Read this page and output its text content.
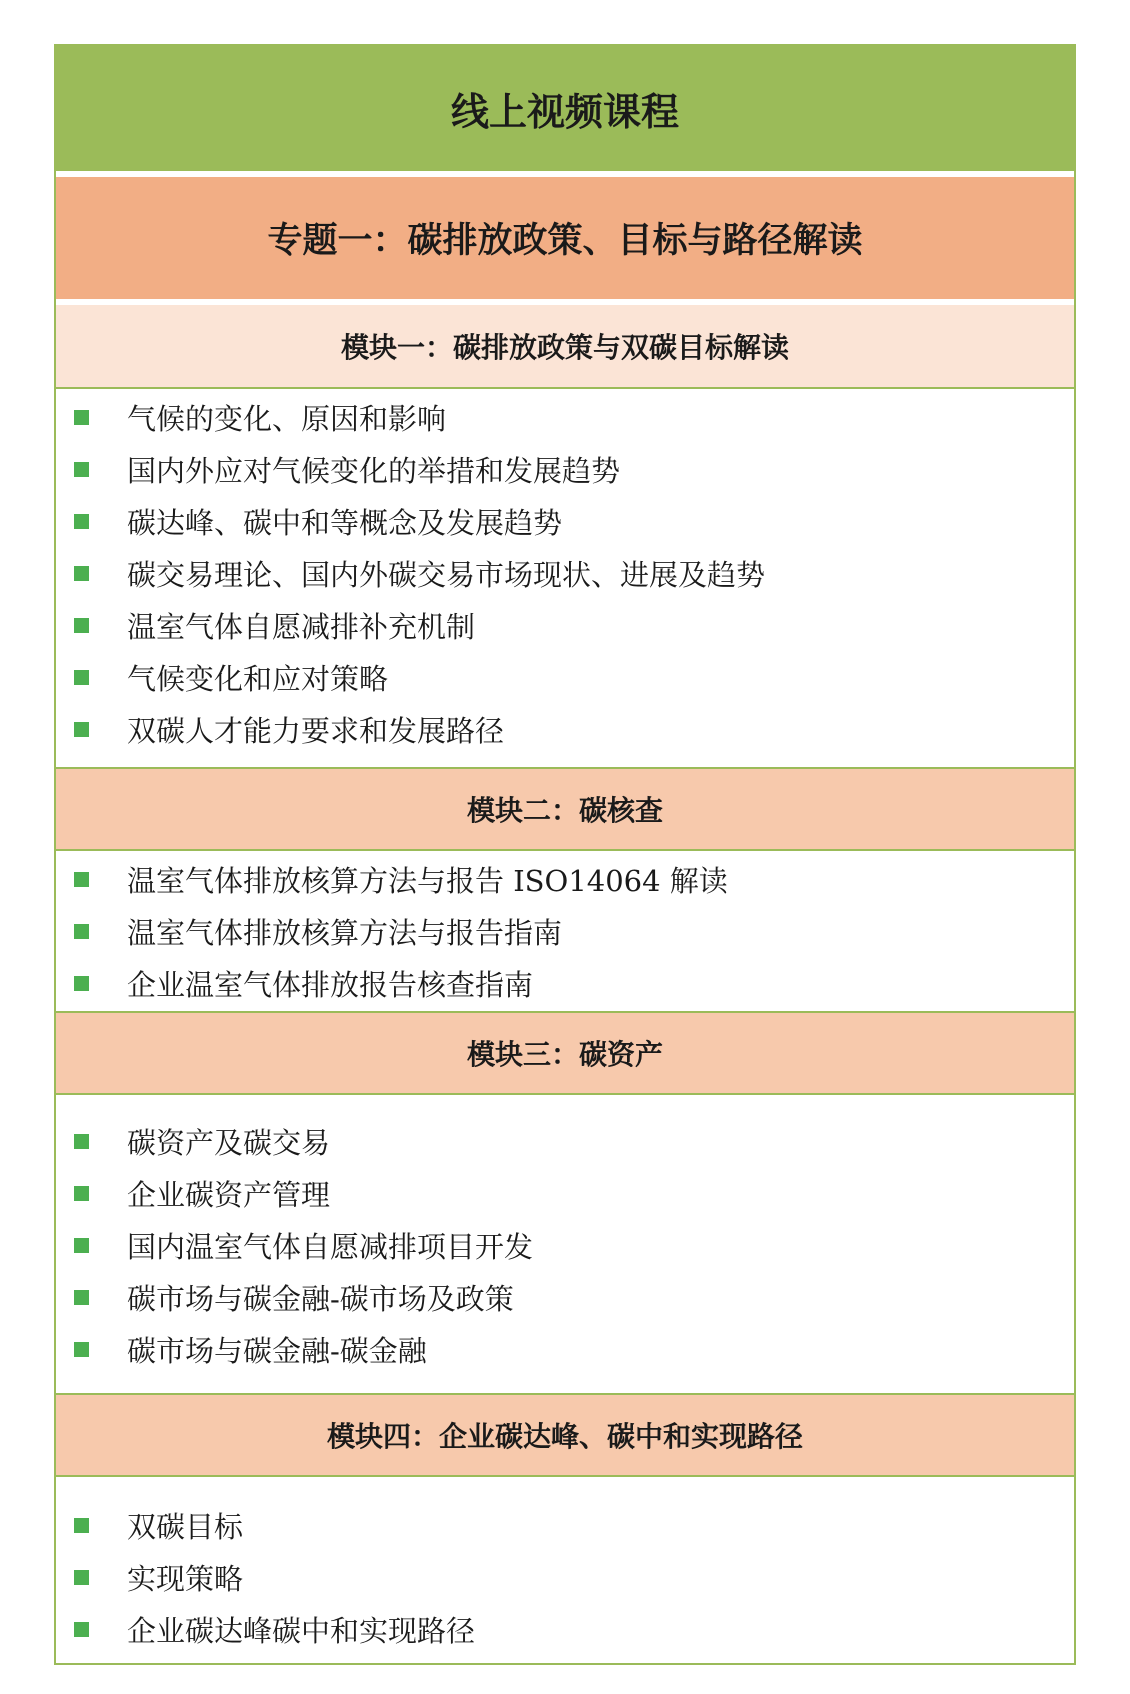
线上视频课程
专题一：碳排放政策、目标与路径解读
模块一：碳排放政策与双碳目标解读
气候的变化、原因和影响
国内外应对气候变化的举措和发展趋势
碳达峰、碳中和等概念及发展趋势
碳交易理论、国内外碳交易市场现状、进展及趋势
温室气体自愿减排补充机制
气候变化和应对策略
双碳人才能力要求和发展路径
模块二：碳核查
温室气体排放核算方法与报告 ISO14064 解读
温室气体排放核算方法与报告指南
企业温室气体排放报告核查指南
模块三：碳资产
碳资产及碳交易
企业碳资产管理
国内温室气体自愿减排项目开发
碳市场与碳金融-碳市场及政策
碳市场与碳金融-碳金融
模块四：企业碳达峰、碳中和实现路径
双碳目标
实现策略
企业碳达峰碳中和实现路径
